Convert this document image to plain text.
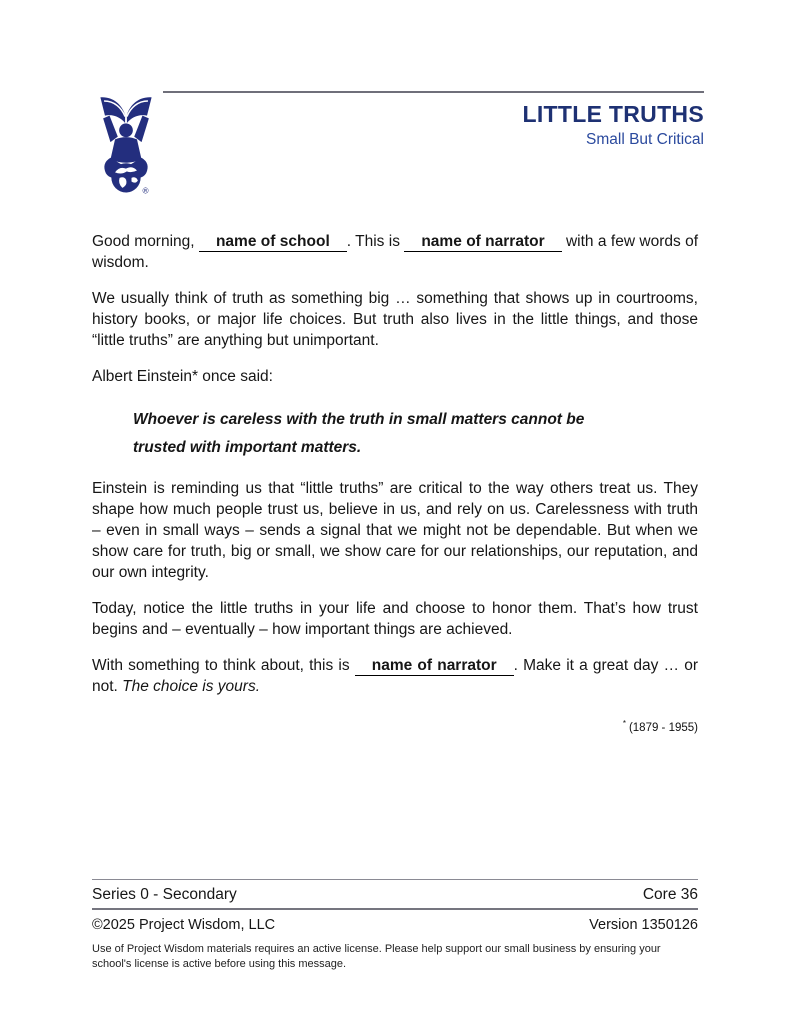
®
LITTLE TRUTHS
Small But Critical

Good morning, name of school . This is name of narrator with a few words of wisdom.

We usually think of truth as something big … something that shows up in courtrooms, history books, or major life choices. But truth also lives in the little things, and those “little truths” are anything but unimportant.

Albert Einstein* once said:

Whoever is careless with the truth in small matters cannot be
trusted with important matters.

Einstein is reminding us that “little truths” are critical to the way others treat us. They shape how much people trust us, believe in us, and rely on us. Carelessness with truth – even in small ways – sends a signal that we might not be dependable. But when we show care for truth, big or small, we show care for our relationships, our reputation, and our own integrity.

Today, notice the little truths in your life and choose to honor them. That’s how trust begins and – eventually – how important things are achieved.

With something to think about, this is name of narrator . Make it a great day … or not. The choice is yours.

* (1879 - 1955)
Series 0 - Secondary	Core 36
©2025 Project Wisdom, LLC	Version 1350126

Use of Project Wisdom materials requires an active license. Please help support our small business by ensuring your school's license is active before using this message.
